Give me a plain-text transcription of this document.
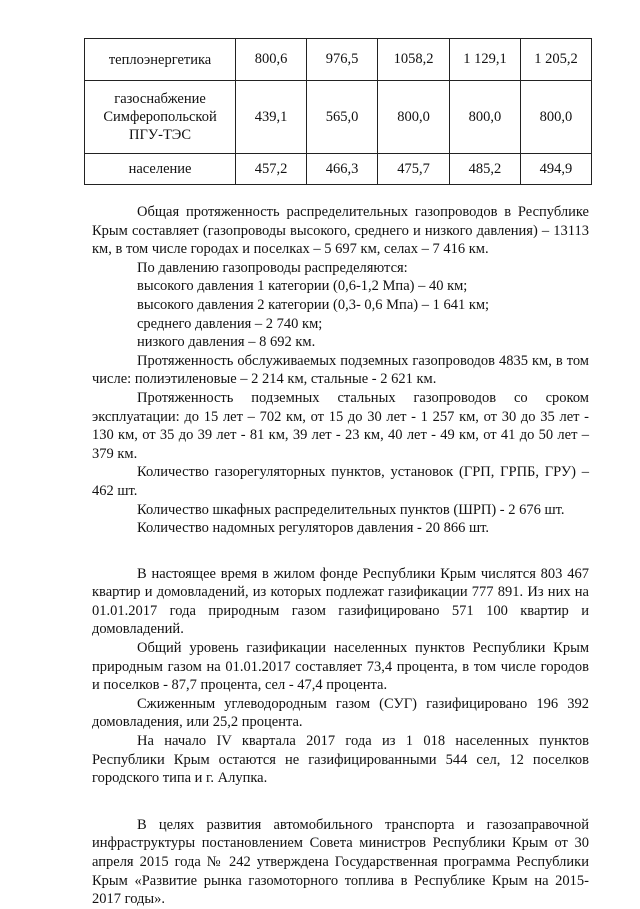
теплоэнергетика	800,6	976,5	1058,2	1 129,1	1 205,2
газоснабжение Симферопольской ПГУ-ТЭС	439,1	565,0	800,0	800,0	800,0
население	457,2	466,3	475,7	485,2	494,9

Общая протяженность распределительных газопроводов в Республике Крым составляет (газопроводы высокого, среднего и низкого давления) – 13113 км, в том числе городах и поселках – 5 697 км, селах – 7 416 км.

По давлению газопроводы распределяются:

высокого давления 1 категории (0,6-1,2 Мпа) – 40 км;

высокого давления 2 категории (0,3- 0,6 Мпа) – 1 641 км;

среднего давления – 2 740 км;

низкого давления – 8 692 км.

Протяженность обслуживаемых подземных газопроводов 4835 км, в том числе: полиэтиленовые – 2 214 км, стальные - 2 621 км.

Протяженность подземных стальных газопроводов со сроком эксплуатации: до 15 лет – 702 км, от 15 до 30 лет - 1 257 км, от 30 до 35 лет - 130 км, от 35 до 39 лет - 81 км, 39 лет - 23 км, 40 лет - 49 км, от 41 до 50 лет – 379 км.

Количество газорегуляторных пунктов, установок (ГРП, ГРПБ, ГРУ) – 462 шт.

Количество шкафных распределительных пунктов (ШРП) - 2 676 шт.

Количество надомных регуляторов давления - 20 866 шт.

В настоящее время в жилом фонде Республики Крым числятся 803 467 квартир и домовладений, из которых подлежат газификации 777 891. Из них на 01.01.2017 года природным газом газифицировано 571 100 квартир и домовладений.

Общий уровень газификации населенных пунктов Республики Крым природным газом на 01.01.2017 составляет 73,4 процента, в том числе городов и поселков - 87,7 процента, сел - 47,4 процента.

Сжиженным углеводородным газом (СУГ) газифицировано 196 392 домовладения, или 25,2 процента.

На начало IV квартала 2017 года из 1 018 населенных пунктов Республики Крым остаются не газифицированными 544 сел, 12 поселков городского типа и г. Алупка.

В целях развития автомобильного транспорта и газозаправочной инфраструктуры постановлением Совета министров Республики Крым от 30 апреля 2015 года № 242 утверждена Государственная программа Республики Крым «Развитие рынка газомоторного топлива в Республике Крым на 2015-2017 годы».
